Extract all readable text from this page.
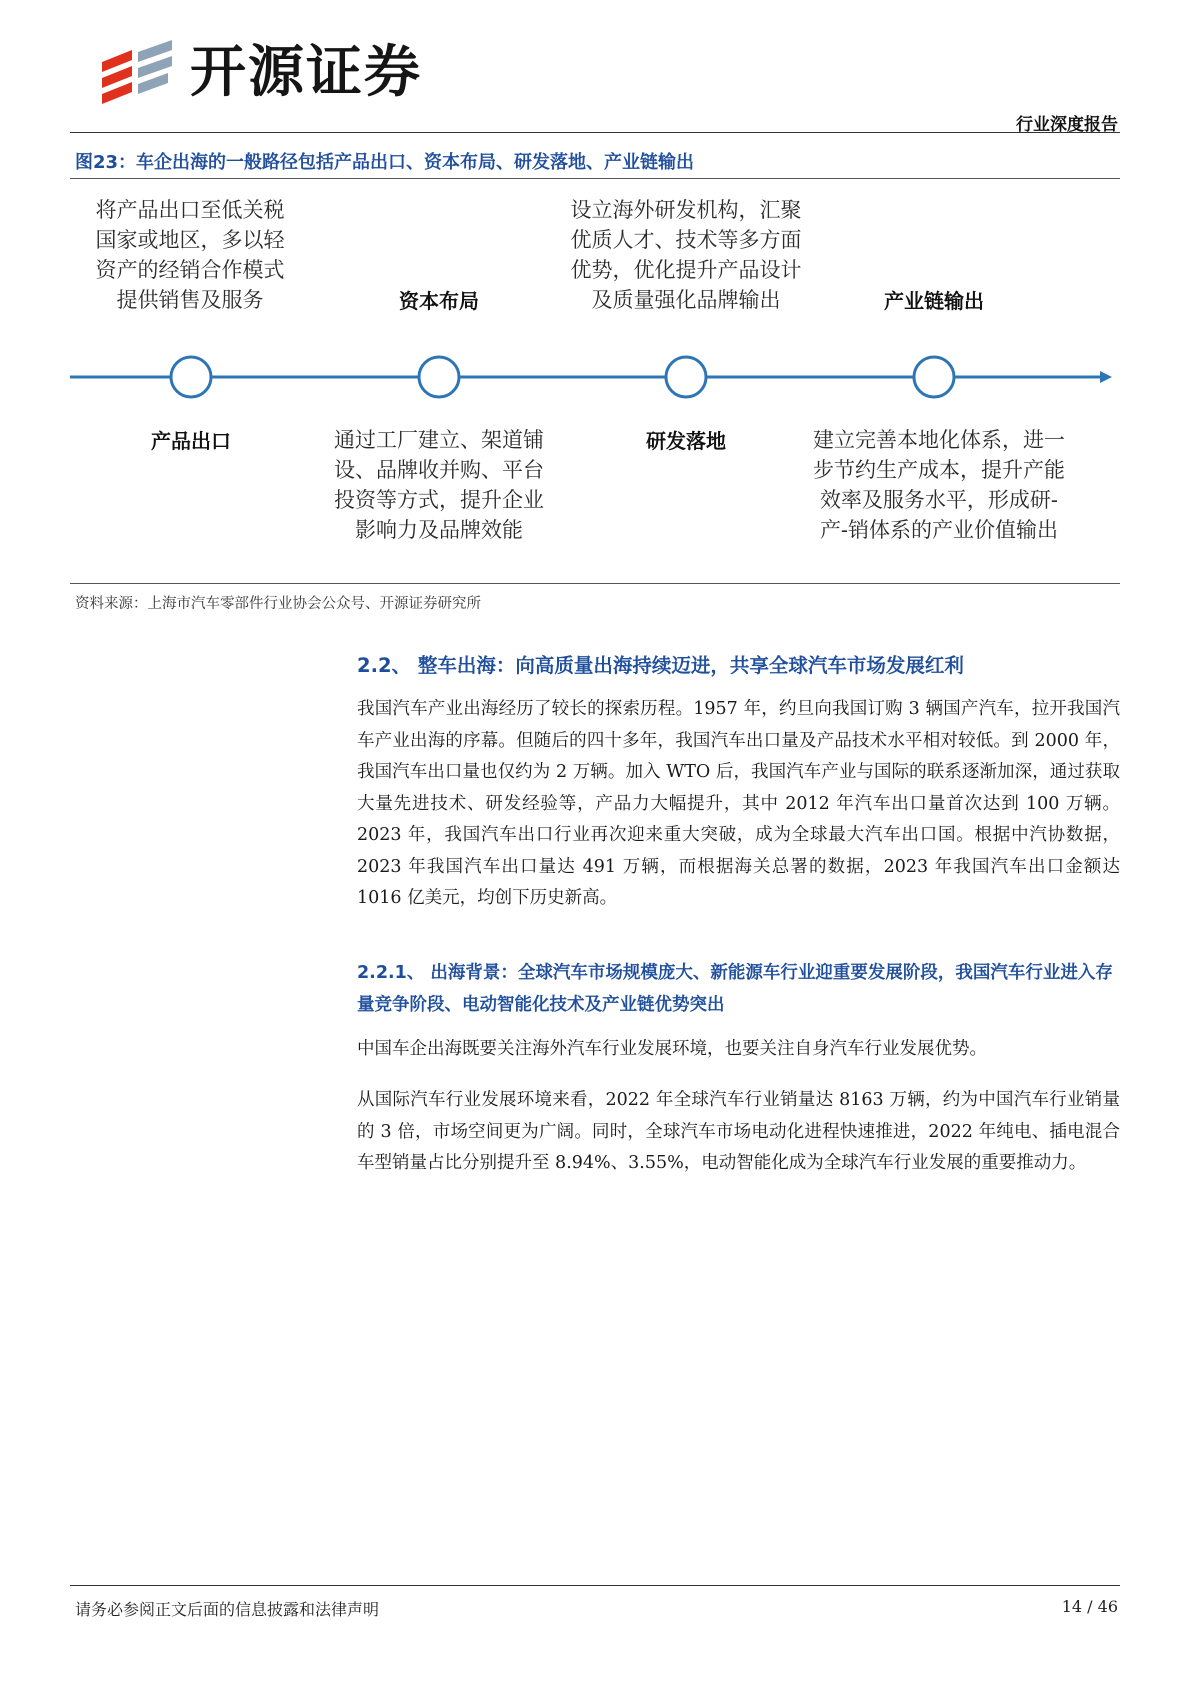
开源证券
行业深度报告
图23：车企出海的一般路径包括产品出口、资本布局、研发落地、产业链输出
将产品出口至低关税
国家或地区，多以轻
资产的经销合作模式
提供销售及服务
产品出口
资本布局
通过工厂建立、架道铺
设、品牌收并购、平台
投资等方式，提升企业
影响力及品牌效能
设立海外研发机构，汇聚
优质人才、技术等多方面
优势，优化提升产品设计
及质量强化品牌输出
研发落地
产业链输出
建立完善本地化体系，进一
步节约生产成本，提升产能
效率及服务水平，形成研-
产-销体系的产业价值输出
资料来源：上海市汽车零部件行业协会公众号、开源证券研究所
2.2、 整车出海：向高质量出海持续迈进，共享全球汽车市场发展红利
我国汽车产业出海经历了较长的探索历程。1957 年，约旦向我国订购 3 辆国产汽车，拉开我国汽车产业出海的序幕。但随后的四十多年，我国汽车出口量及产品技术水平相对较低。到 2000 年，我国汽车出口量也仅约为 2 万辆。加入 WTO 后，我国汽车产业与国际的联系逐渐加深，通过获取大量先进技术、研发经验等，产品力大幅提升，其中 2012 年汽车出口量首次达到 100 万辆。2023 年，我国汽车出口行业再次迎来重大突破，成为全球最大汽车出口国。根据中汽协数据，2023 年我国汽车出口量达 491 万辆，而根据海关总署的数据，2023 年我国汽车出口金额达 1016 亿美元，均创下历史新高。
2.2.1、 出海背景：全球汽车市场规模庞大、新能源车行业迎重要发展阶段，我国汽车行业进入存量竞争阶段、电动智能化技术及产业链优势突出
中国车企出海既要关注海外汽车行业发展环境，也要关注自身汽车行业发展优势。
从国际汽车行业发展环境来看，2022 年全球汽车行业销量达 8163 万辆，约为中国汽车行业销量的 3 倍，市场空间更为广阔。同时，全球汽车市场电动化进程快速推进，2022 年纯电、插电混合车型销量占比分别提升至 8.94%、3.55%，电动智能化成为全球汽车行业发展的重要推动力。
请务必参阅正文后面的信息披露和法律声明	14 / 46
